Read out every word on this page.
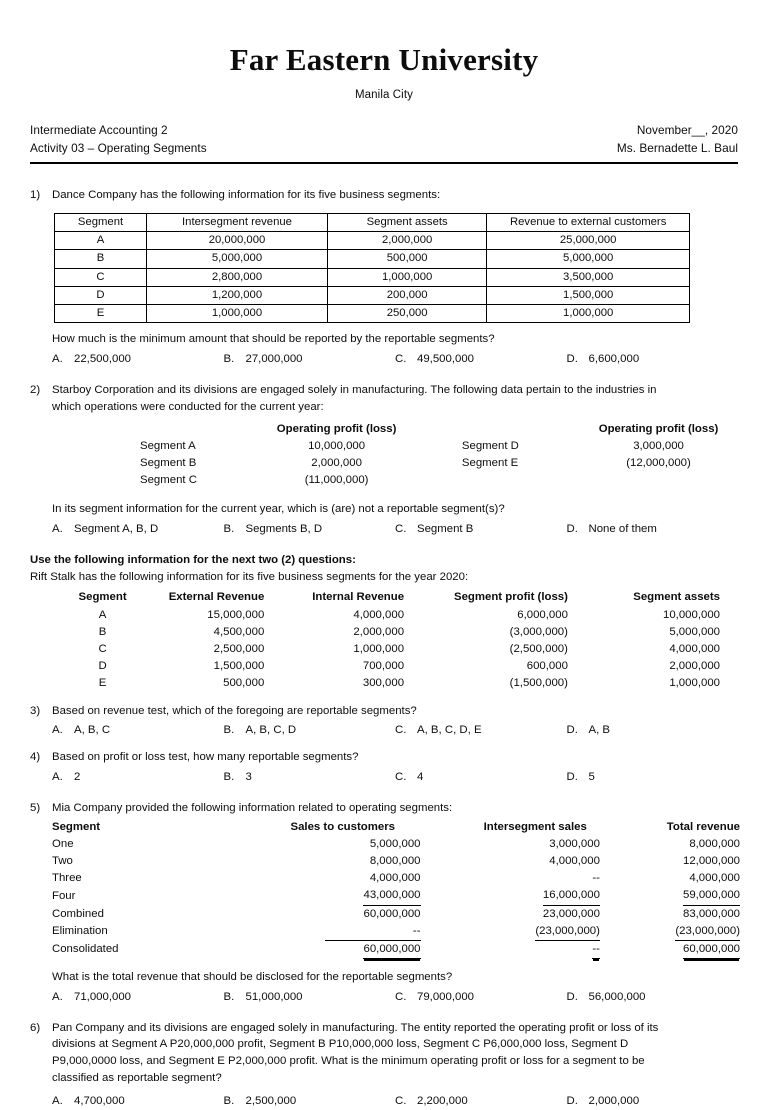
Far Eastern University
Manila City
Intermediate Accounting 2	November__, 2020
Activity 03 – Operating Segments	Ms. Bernadette L. Baul
1)	Dance Company has the following information for its five business segments:
Segment	Intersegment revenue	Segment assets	Revenue to external customers
A	20,000,000	2,000,000	25,000,000
B	5,000,000	500,000	5,000,000
C	2,800,000	1,000,000	3,500,000
D	1,200,000	200,000	1,500,000
E	1,000,000	250,000	1,000,000
How much is the minimum amount that should be reported by the reportable segments?
A. 22,500,000	B. 27,000,000	C. 49,500,000	D. 6,600,000
2)	Starboy Corporation and its divisions are engaged solely in manufacturing. The following data pertain to the industries in
which operations were conducted for the current year:
	Operating profit (loss)			Operating profit (loss)
Segment A	10,000,000		Segment D	3,000,000
Segment B	2,000,000		Segment E	(12,000,000)
Segment C	(11,000,000)			
In its segment information for the current year, which is (are) not a reportable segment(s)?
A. Segment A, B, D	B. Segments B, D	C. Segment B	D. None of them
Use the following information for the next two (2) questions:
Rift Stalk has the following information for its five business segments for the year 2020:
Segment	External Revenue	Internal Revenue	Segment profit (loss)	Segment assets
A	15,000,000	4,000,000	6,000,000	10,000,000
B	4,500,000	2,000,000	(3,000,000)	5,000,000
C	2,500,000	1,000,000	(2,500,000)	4,000,000
D	1,500,000	700,000	600,000	2,000,000
E	500,000	300,000	(1,500,000)	1,000,000
3)	Based on revenue test, which of the foregoing are reportable segments?
A. A, B, C	B. A, B, C, D	C. A, B, C, D, E	D. A, B
4)	Based on profit or loss test, how many reportable segments?
A. 2	B. 3	C. 4	D. 5
5)	Mia Company provided the following information related to operating segments:
Segment	Sales to customers	Intersegment sales	Total revenue
One	5,000,000	3,000,000	8,000,000
Two	8,000,000	4,000,000	12,000,000
Three	4,000,000	--	4,000,000
Four	43,000,000	16,000,000	59,000,000
Combined	60,000,000	23,000,000	83,000,000
Elimination	--	(23,000,000)	(23,000,000)
Consolidated	60,000,000	--	60,000,000
What is the total revenue that should be disclosed for the reportable segments?
A. 71,000,000	B. 51,000,000	C. 79,000,000	D. 56,000,000
6)	Pan Company and its divisions are engaged solely in manufacturing. The entity reported the operating profit or loss of its
divisions at Segment A P20,000,000 profit, Segment B P10,000,000 loss, Segment C P6,000,000 loss, Segment D
P9,000,0000 loss, and Segment E P2,000,000 profit. What is the minimum operating profit or loss for a segment to be
classified as reportable segment?
A. 4,700,000	B. 2,500,000	C. 2,200,000	D. 2,000,000
